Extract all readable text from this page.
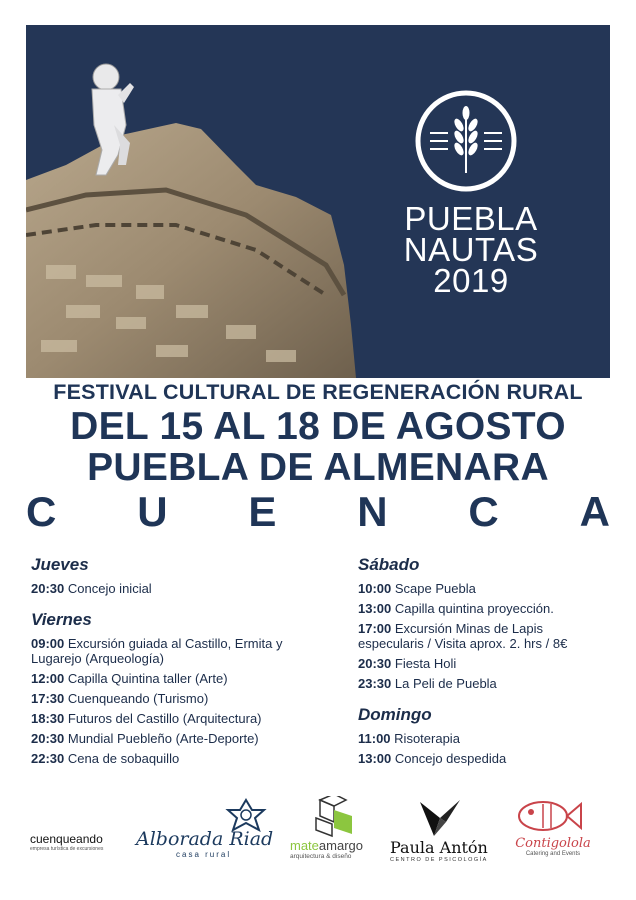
PUEBLA
NAUTAS
2019
FESTIVAL CULTURAL DE REGENERACIÓN RURAL
DEL 15 AL 18 DE AGOSTO
PUEBLA DE ALMENARA
C U E N C A
Jueves
20:30 Concejo inicial
Viernes
09:00 Excursión guiada al Castillo, Ermita y Lugarejo (Arqueología)
12:00 Capilla Quintina taller (Arte)
17:30 Cuenqueando (Turismo)
18:30 Futuros del Castillo (Arquitectura)
20:30 Mundial Puebleño (Arte-Deporte)
22:30 Cena de sobaquillo
Sábado
10:00 Scape Puebla
13:00 Capilla quintina proyección.
17:00 Excursión Minas de Lapis especularis / Visita aprox. 2. hrs / 8€
20:30 Fiesta Holi
23:30 La Peli de Puebla
Domingo
11:00 Risoterapia
13:00 Concejo despedida
cuenqueando
empresa turística de excursiones	Alborada Riad
casa rural
mateamargo
arquitectura & diseño	Paula Antón
CENTRO DE PSICOLOGÍA
Contigolola
Catering and Events
